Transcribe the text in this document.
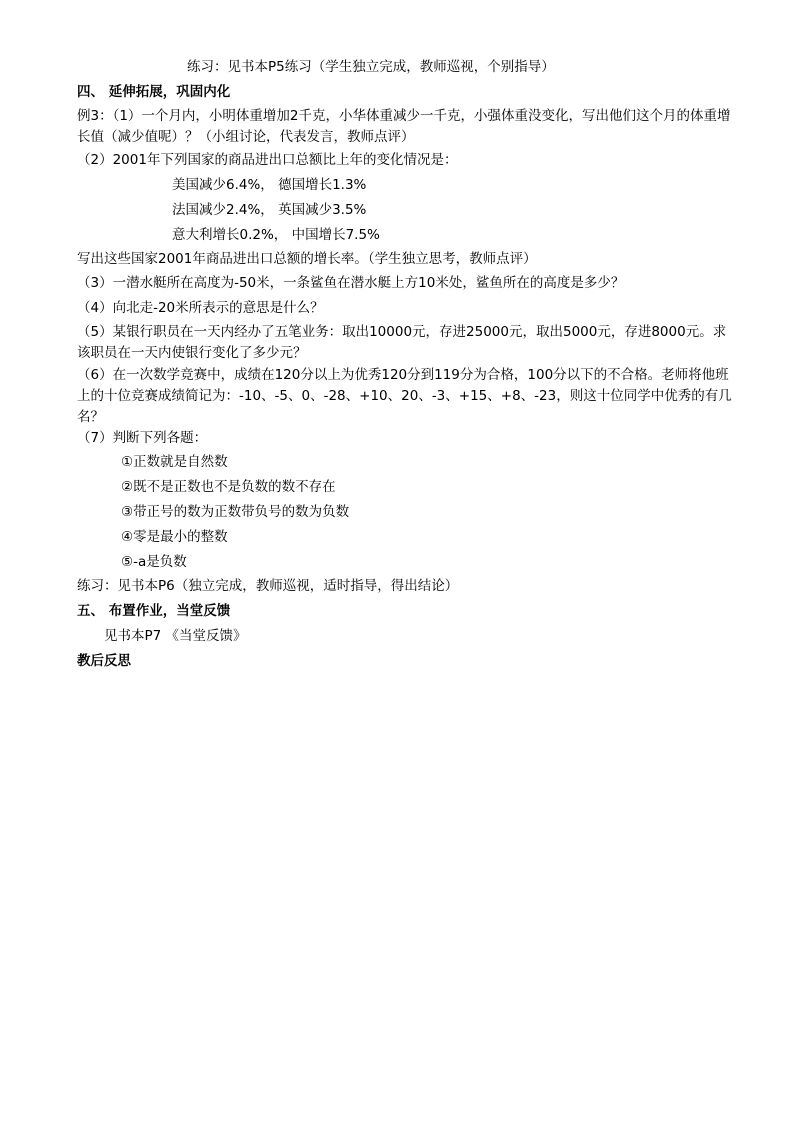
练习：见书本P5练习（学生独立完成，教师巡视，个别指导）
四、 延伸拓展，巩固内化
例3：（1）一个月内，小明体重增加2千克，小华体重减少一千克，小强体重没变化，写出他们这个月的体重增长值（减少值呢）？（小组讨论，代表发言，教师点评）
（2）2001年下列国家的商品进出口总额比上年的变化情况是：
美国减少6.4%， 德国增长1.3%
法国减少2.4%， 英国减少3.5%
意大利增长0.2%， 中国增长7.5%
写出这些国家2001年商品进出口总额的增长率。（学生独立思考，教师点评）
（3）一潜水艇所在高度为-50米，一条鲨鱼在潜水艇上方10米处，鲨鱼所在的高度是多少？
（4）向北走-20米所表示的意思是什么？
（5）某银行职员在一天内经办了五笔业务：取出10000元，存进25000元，取出5000元，存进8000元。求该职员在一天内使银行变化了多少元？
（6）在一次数学竞赛中，成绩在120分以上为优秀120分到119分为合格，100分以下的不合格。老师将他班上的十位竞赛成绩简记为：-10、-5、0、-28、+10、20、-3、+15、+8、-23，则这十位同学中优秀的有几名？
（7）判断下列各题：
①正数就是自然数
②既不是正数也不是负数的数不存在
③带正号的数为正数带负号的数为负数
④零是最小的整数
⑤-a是负数
练习：见书本P6（独立完成，教师巡视，适时指导，得出结论）
五、 布置作业，当堂反馈
见书本P7 《当堂反馈》
教后反思
